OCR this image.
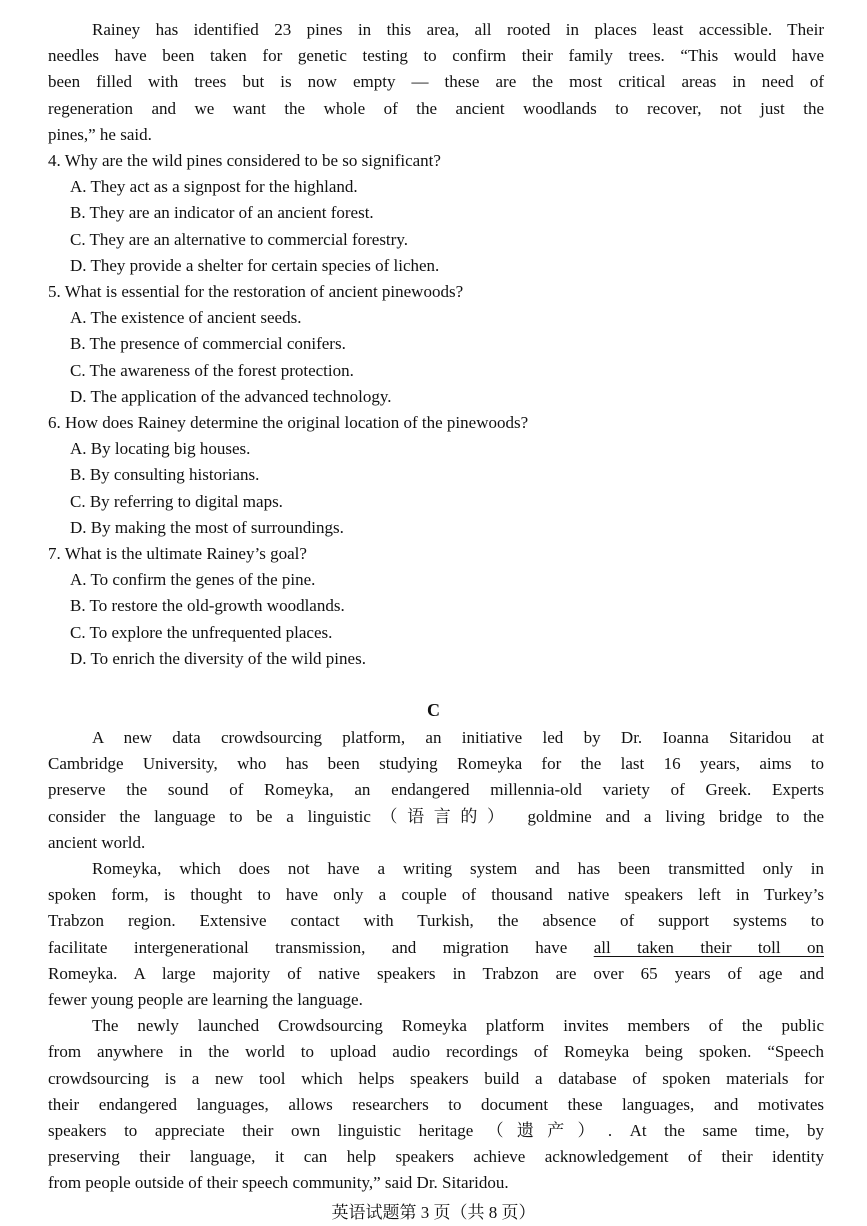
Rainey has identified 23 pines in this area, all rooted in places least accessible. Their
needles have been taken for genetic testing to confirm their family trees. “This would have
been filled with trees but is now empty — these are the most critical areas in need of
regeneration and we want the whole of the ancient woodlands to recover, not just the
pines,” he said.
4. Why are the wild pines considered to be so significant?
A. They act as a signpost for the highland.
B. They are an indicator of an ancient forest.
C. They are an alternative to commercial forestry.
D. They provide a shelter for certain species of lichen.
5. What is essential for the restoration of ancient pinewoods?
A. The existence of ancient seeds.
B. The presence of commercial conifers.
C. The awareness of the forest protection.
D. The application of the advanced technology.
6. How does Rainey determine the original location of the pinewoods?
A. By locating big houses.
B. By consulting historians.
C. By referring to digital maps.
D. By making the most of surroundings.
7. What is the ultimate Rainey’s goal?
A. To confirm the genes of the pine.
B. To restore the old-growth woodlands.
C. To explore the unfrequented places.
D. To enrich the diversity of the wild pines.
C
A new data crowdsourcing platform, an initiative led by Dr. Ioanna Sitaridou at
Cambridge University, who has been studying Romeyka for the last 16 years, aims to
preserve the sound of Romeyka, an endangered millennia-old variety of Greek. Experts
consider the language to be a linguistic（语言的） goldmine and a living bridge to the
ancient world.
Romeyka, which does not have a writing system and has been transmitted only in
spoken form, is thought to have only a couple of thousand native speakers left in Turkey’s
Trabzon region. Extensive contact with Turkish, the absence of support systems to
facilitate intergenerational transmission, and migration have all taken their toll on
Romeyka. A large majority of native speakers in Trabzon are over 65 years of age and
fewer young people are learning the language.
The newly launched Crowdsourcing Romeyka platform invites members of the public
from anywhere in the world to upload audio recordings of Romeyka being spoken. “Speech
crowdsourcing is a new tool which helps speakers build a database of spoken materials for
their endangered languages, allows researchers to document these languages, and motivates
speakers to appreciate their own linguistic heritage（遗产）. At the same time, by
preserving their language, it can help speakers achieve acknowledgement of their identity
from people outside of their speech community,” said Dr. Sitaridou.
英语试题第 3 页（共 8 页）
